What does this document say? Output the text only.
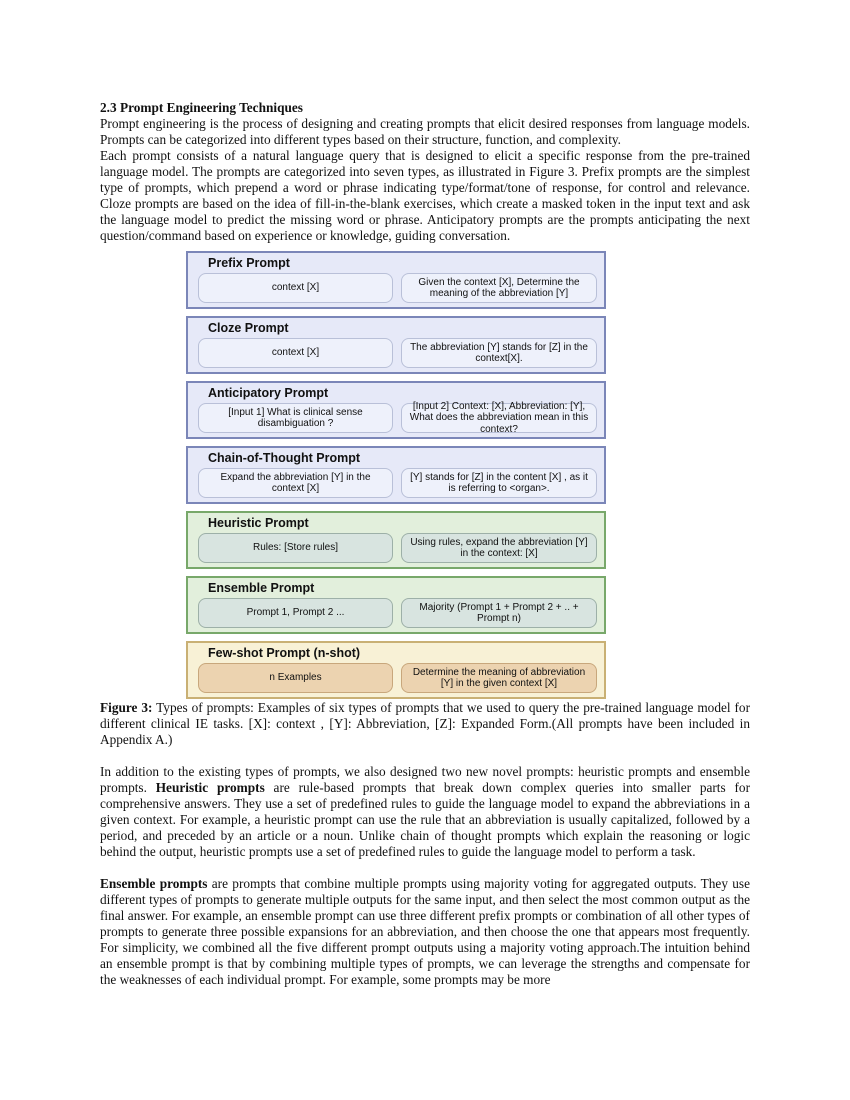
2.3 Prompt Engineering Techniques

Prompt engineering is the process of designing and creating prompts that elicit desired responses from language models. Prompts can be categorized into different types based on their structure, function, and complexity.

Each prompt consists of a natural language query that is designed to elicit a specific response from the pre-trained language model. The prompts are categorized into seven types, as illustrated in Figure 3. Prefix prompts are the simplest type of prompts, which prepend a word or phrase indicating type/format/tone of response, for control and relevance. Cloze prompts are based on the idea of fill-in-the-blank exercises, which create a masked token in the input text and ask the language model to predict the missing word or phrase. Anticipatory prompts are the prompts anticipating the next question/command based on experience or knowledge, guiding conversation.

Prefix Prompt
context [X]
Given the context [X], Determine the meaning of the abbreviation [Y]
Cloze Prompt
context [X]
The abbreviation [Y] stands for [Z] in the context[X].
Anticipatory Prompt
[Input 1] What is clinical sense disambiguation ?
[Input 2] Context: [X], Abbreviation: [Y], What does the abbreviation mean in this context?
Chain-of-Thought Prompt
Expand the abbreviation [Y] in the context [X]
[Y] stands for [Z] in the content [X] , as it is referring to <organ>.
Heuristic Prompt
Rules: [Store rules]
Using rules, expand the abbreviation [Y] in the context: [X]
Ensemble Prompt
Prompt 1, Prompt 2 ...
Majority (Prompt 1 + Prompt 2 + .. + Prompt n)
Few-shot Prompt (n-shot)
n Examples
Determine the meaning of abbreviation [Y] in the given context [X]
Figure 3: Types of prompts: Examples of six types of prompts that we used to query the pre-trained language model for different clinical IE tasks. [X]: context , [Y]: Abbreviation, [Z]: Expanded Form.(All prompts have been included in Appendix A.)
In addition to the existing types of prompts, we also designed two new novel prompts: heuristic prompts and ensemble prompts. Heuristic prompts are rule-based prompts that break down complex queries into smaller parts for comprehensive answers. They use a set of predefined rules to guide the language model to expand the abbreviations in a given context. For example, a heuristic prompt can use the rule that an abbreviation is usually capitalized, followed by a period, and preceded by an article or a noun. Unlike chain of thought prompts which explain the reasoning or logic behind the output, heuristic prompts use a set of predefined rules to guide the language model to perform a task.
Ensemble prompts are prompts that combine multiple prompts using majority voting for aggregated outputs. They use different types of prompts to generate multiple outputs for the same input, and then select the most common output as the final answer. For example, an ensemble prompt can use three different prefix prompts or combination of all other types of prompts to generate three possible expansions for an abbreviation, and then choose the one that appears most frequently. For simplicity, we combined all the five different prompt outputs using a majority voting approach.The intuition behind an ensemble prompt is that by combining multiple types of prompts, we can leverage the strengths and compensate for the weaknesses of each individual prompt. For example, some prompts may be more
